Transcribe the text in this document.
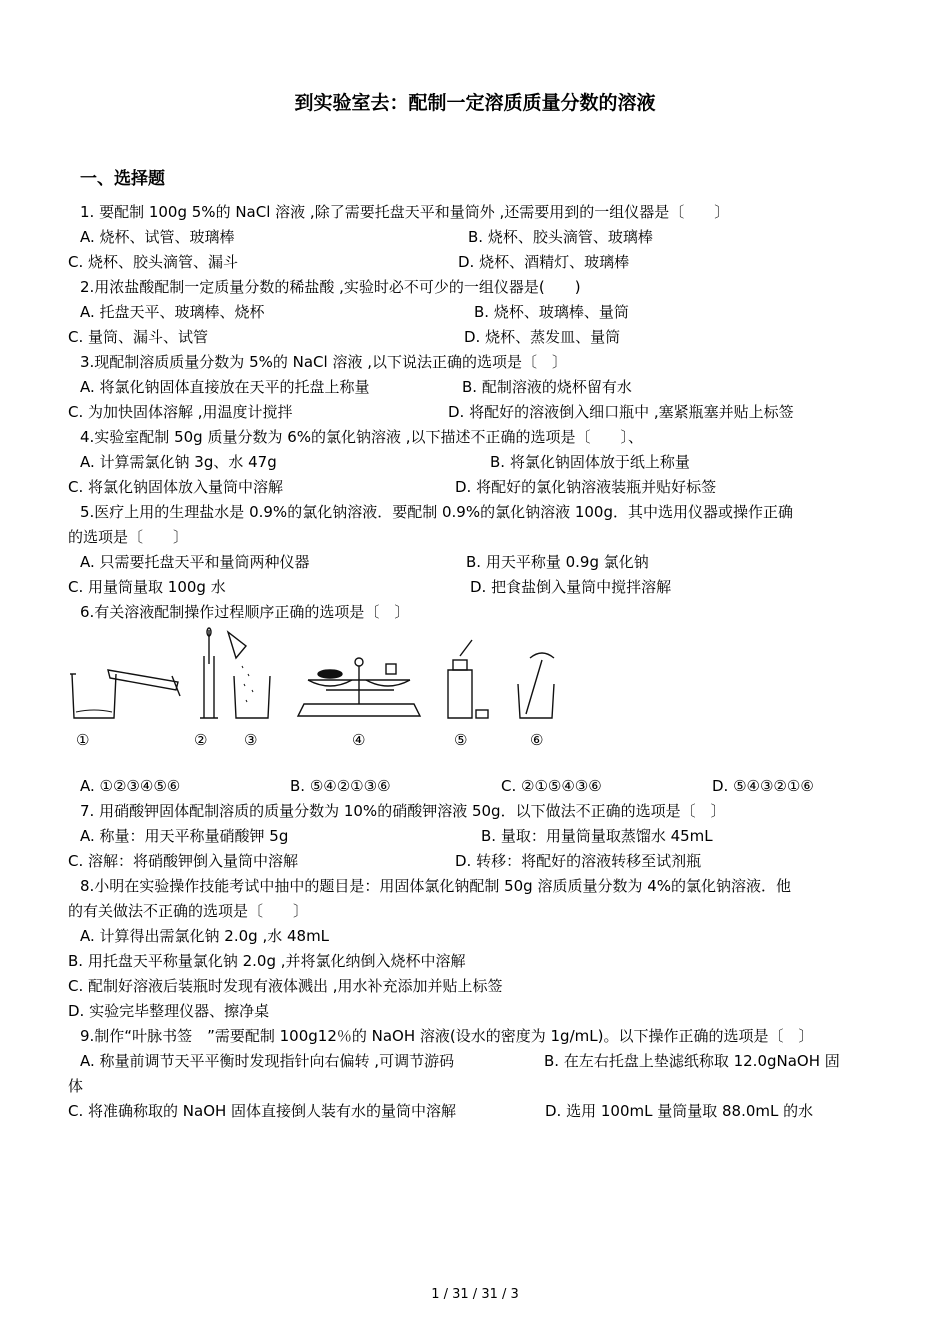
到实验室去：配制一定溶质质量分数的溶液
一、选择题
1. 要配制 100g 5%的 NaCl 溶液 ,除了需要托盘天平和量筒外 ,还需要用到的一组仪器是〔　　〕
A. 烧杯、试管、玻璃棒	B. 烧杯、胶头滴管、玻璃棒
C. 烧杯、胶头滴管、漏斗	D. 烧杯、酒精灯、玻璃棒
2.用浓盐酸配制一定质量分数的稀盐酸 ,实验时必不可少的一组仪器是(　　)
A. 托盘天平、玻璃棒、烧杯	B. 烧杯、玻璃棒、量筒
C. 量筒、漏斗、试管	D. 烧杯、蒸发皿、量筒
3.现配制溶质质量分数为 5%的 NaCl 溶液 ,以下说法正确的选项是〔　〕
A. 将氯化钠固体直接放在天平的托盘上称量	B. 配制溶液的烧杯留有水
C. 为加快固体溶解 ,用温度计搅拌	D. 将配好的溶液倒入细口瓶中 ,塞紧瓶塞并贴上标签
4.实验室配制 50g 质量分数为 6%的氯化钠溶液 ,以下描述不正确的选项是〔　　〕、
A. 计算需氯化钠 3g、水 47g	B. 将氯化钠固体放于纸上称量
C. 将氯化钠固体放入量筒中溶解	D. 将配好的氯化钠溶液装瓶并贴好标签
5.医疗上用的生理盐水是 0.9%的氯化钠溶液．要配制 0.9%的氯化钠溶液 100g．其中选用仪器或操作正确
的选项是〔　　〕
A. 只需要托盘天平和量筒两种仪器	B. 用天平称量 0.9g 氯化钠
C. 用量筒量取 100g 水	D. 把食盐倒入量筒中搅拌溶解
6.有关溶液配制操作过程顺序正确的选项是〔　〕
①	② ③	④	⑤	⑥
A. ①②③④⑤⑥	B. ⑤④②①③⑥	C. ②①⑤④③⑥	D. ⑤④③②①⑥
7. 用硝酸钾固体配制溶质的质量分数为 10%的硝酸钾溶液 50g．以下做法不正确的选项是〔　〕
A. 称量：用天平称量硝酸钾 5g	B. 量取：用量筒量取蒸馏水 45mL
C. 溶解：将硝酸钾倒入量筒中溶解	D. 转移：将配好的溶液转移至试剂瓶
8.小明在实验操作技能考试中抽中的题目是：用固体氯化钠配制 50g 溶质质量分数为 4%的氯化钠溶液．他
的有关做法不正确的选项是〔　　〕
A. 计算得出需氯化钠 2.0g ,水 48mL
B. 用托盘天平称量氯化钠 2.0g ,并将氯化纳倒入烧杯中溶解
C. 配制好溶液后装瓶时发现有液体溅出 ,用水补充添加并贴上标签
D. 实验完毕整理仪器、擦净桌
9.制作“叶脉书签　”需要配制 100g12％的 NaOH 溶液(设水的密度为 1g/mL)。以下操作正确的选项是〔　〕
A. 称量前调节天平平衡时发现指针向右偏转 ,可调节游码	B. 在左右托盘上垫滤纸称取 12.0gNaOH 固
体
C. 将准确称取的 NaOH 固体直接倒人装有水的量筒中溶解	D. 选用 100mL 量筒量取 88.0mL 的水
1 / 31 / 31 / 3
